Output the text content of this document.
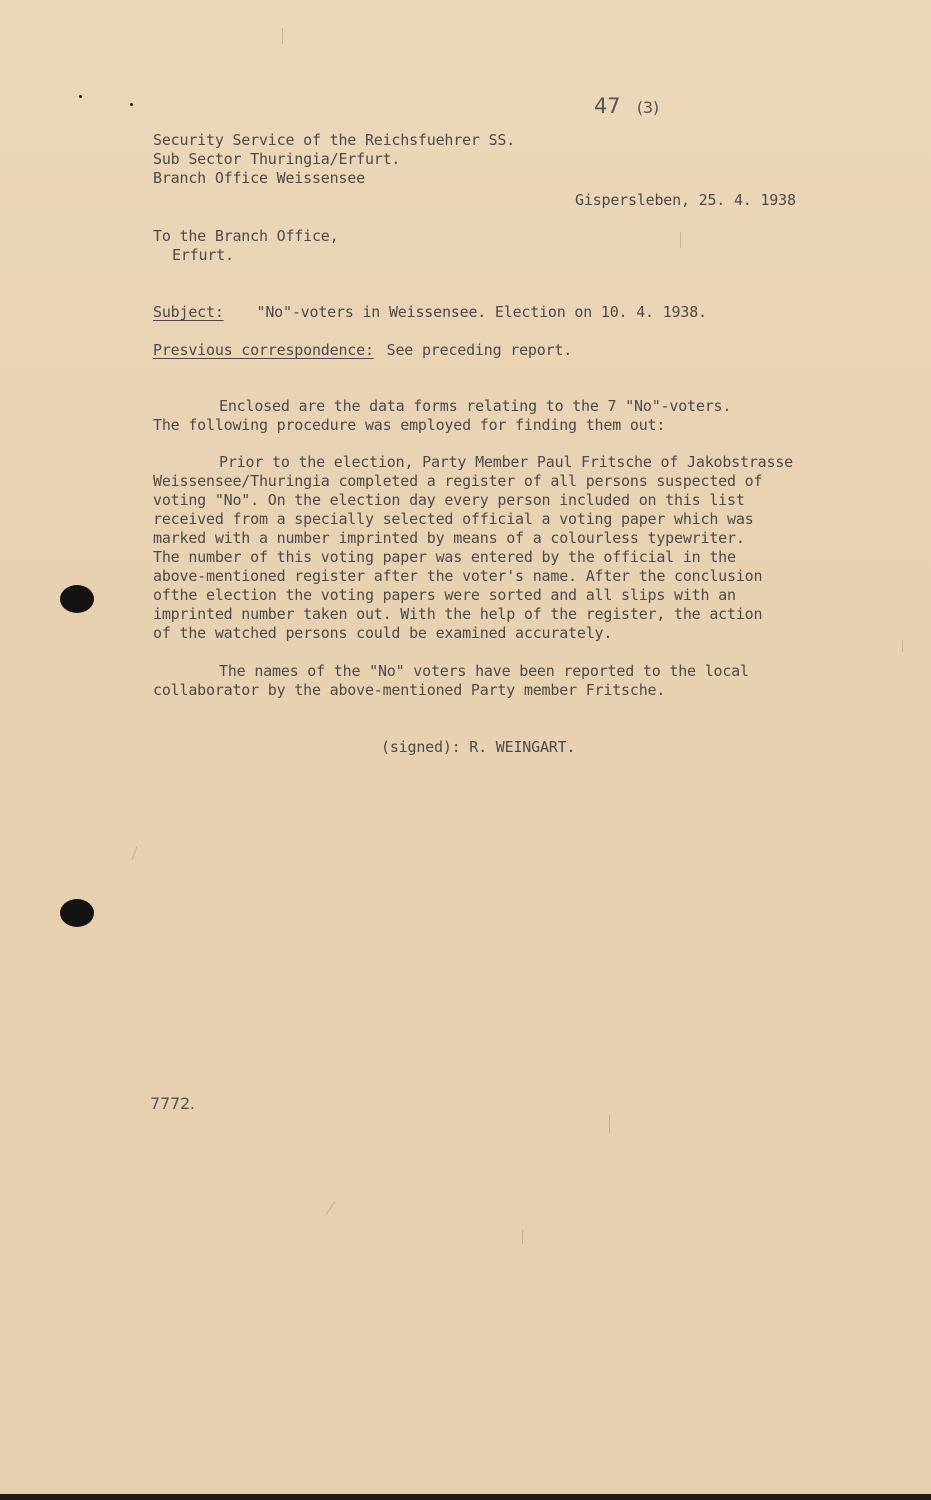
47 (3)
Security Service of the Reichsfuehrer SS.
Sub Sector Thuringia/Erfurt.
Branch Office Weissensee
Gispersleben, 25. 4. 1938
To the Branch Office,
Erfurt.
Subject: "No"-voters in Weissensee. Election on 10. 4. 1938.
Presvious correspondence: See preceding report.
Enclosed are the data forms relating to the 7 "No"-voters.
The following procedure was employed for finding them out:
Prior to the election, Party Member Paul Fritsche of Jakobstrasse
Weissensee/Thuringia completed a register of all persons suspected of
voting "No". On the election day every person included on this list
received from a specially selected official a voting paper which was
marked with a number imprinted by means of a colourless typewriter.
The number of this voting paper was entered by the official in the
above-mentioned register after the voter's name. After the conclusion
ofthe election the voting papers were sorted and all slips with an
imprinted number taken out. With the help of the register, the action
of the watched persons could be examined accurately.
The names of the "No" voters have been reported to the local
collaborator by the above-mentioned Party member Fritsche.
(signed): R. WEINGART.
7772.
